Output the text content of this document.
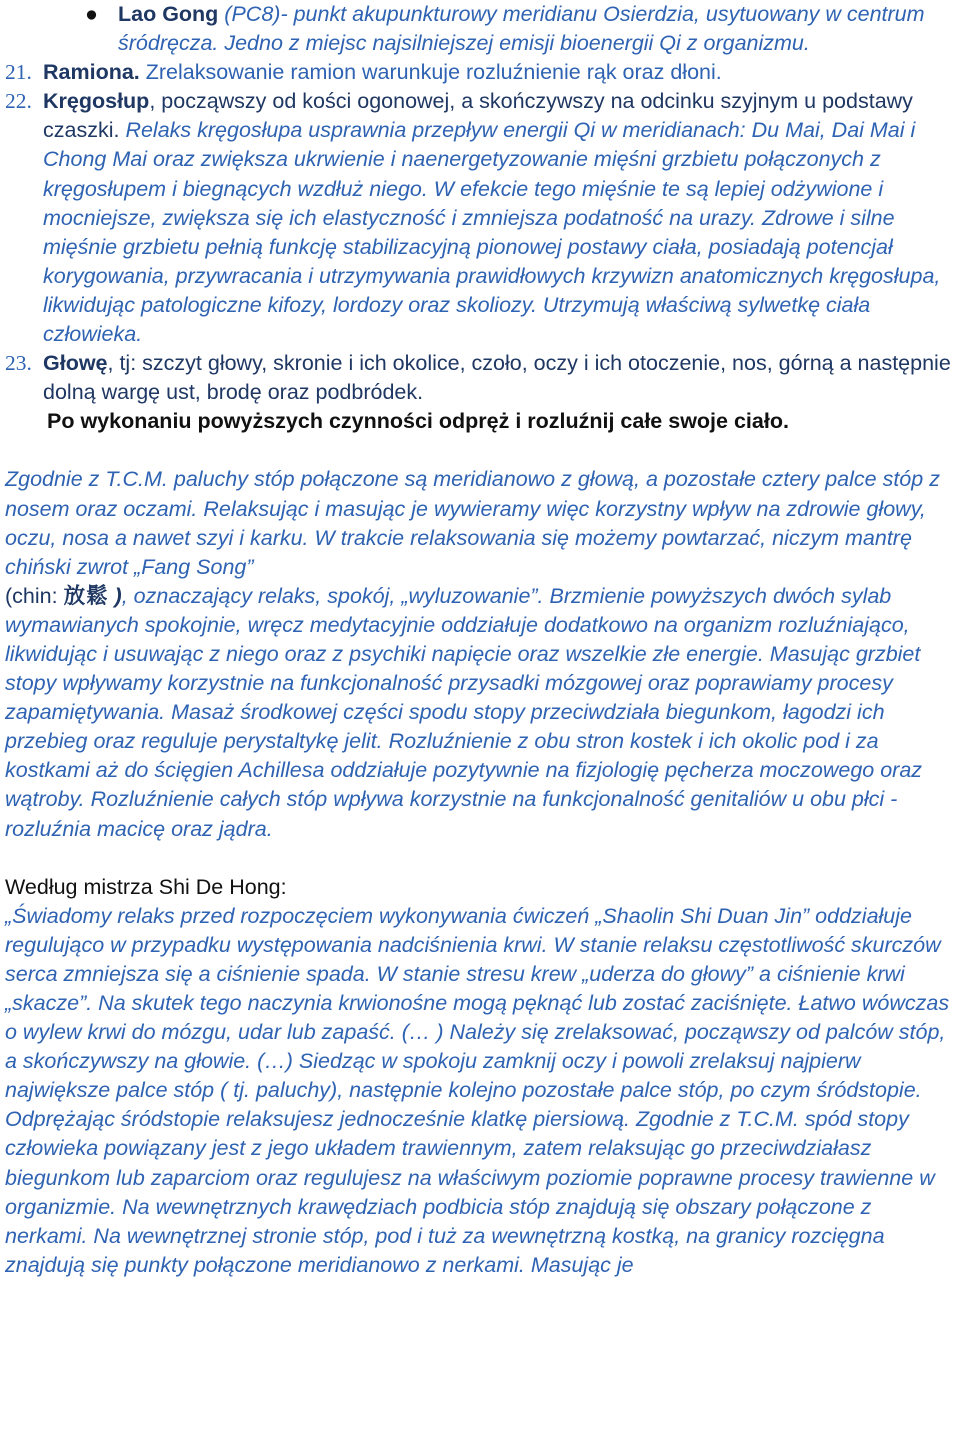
● Lao Gong (PC8)- punkt akupunkturowy meridianu Osierdzia, usytuowany w centrum śródręcza. Jedno z miejsc najsilniejszej emisji bioenergii Qi z organizmu.

21. Ramiona. Zrelaksowanie ramion warunkuje rozluźnienie rąk oraz dłoni.

22. Kręgosłup, począwszy od kości ogonowej, a skończywszy na odcinku szyjnym u podstawy czaszki. Relaks kręgosłupa usprawnia przepływ energii Qi w meridianach: Du Mai, Dai Mai i Chong Mai oraz zwiększa ukrwienie i naenergetyzowanie mięśni grzbietu połączonych z kręgosłupem i biegnących wzdłuż niego. W efekcie tego mięśnie te są lepiej odżywione i mocniejsze, zwiększa się ich elastyczność i zmniejsza podatność na urazy. Zdrowe i silne mięśnie grzbietu pełnią funkcję stabilizacyjną pionowej postawy ciała, posiadają potencjał korygowania, przywracania i utrzymywania prawidłowych krzywizn anatomicznych kręgosłupa, likwidując patologiczne kifozy, lordozy oraz skoliozy. Utrzymują właściwą sylwetkę ciała człowieka.

23. Głowę, tj: szczyt głowy, skronie i ich okolice, czoło, oczy i ich otoczenie, nos, górną a następnie dolną wargę ust, brodę oraz podbródek.

Po wykonaniu powyższych czynności odpręż i rozluźnij całe swoje ciało.

Zgodnie z T.C.M. paluchy stóp połączone są meridianowo z głową, a pozostałe cztery palce stóp z nosem oraz oczami. Relaksując i masując je wywieramy więc korzystny wpływ na zdrowie głowy, oczu, nosa a nawet szyi i karku. W trakcie relaksowania się możemy powtarzać, niczym mantrę chiński zwrot „Fang Song”
(chin: 放鬆 ), oznaczający relaks, spokój, „wyluzowanie”. Brzmienie powyższych dwóch sylab wymawianych spokojnie, wręcz medytacyjnie oddziałuje dodatkowo na organizm rozluźniająco, likwidując i usuwając z niego oraz z psychiki napięcie oraz wszelkie złe energie. Masując grzbiet stopy wpływamy korzystnie na funkcjonalność przysadki mózgowej oraz poprawiamy procesy zapamiętywania. Masaż środkowej części spodu stopy przeciwdziała biegunkom, łagodzi ich przebieg oraz reguluje perystaltykę jelit. Rozluźnienie z obu stron kostek i ich okolic pod i za kostkami aż do ścięgien Achillesa oddziałuje pozytywnie na fizjologię pęcherza moczowego oraz wątroby. Rozluźnienie całych stóp wpływa korzystnie na funkcjonalność genitaliów u obu płci - rozluźnia macicę oraz jądra.

Według mistrza Shi De Hong:

„Świadomy relaks przed rozpoczęciem wykonywania ćwiczeń „Shaolin Shi Duan Jin” oddziałuje regulująco w przypadku występowania nadciśnienia krwi. W stanie relaksu częstotliwość skurczów serca zmniejsza się a ciśnienie spada. W stanie stresu krew „uderza do głowy” a ciśnienie krwi „skacze”. Na skutek tego naczynia krwionośne mogą pęknąć lub zostać zaciśnięte. Łatwo wówczas o wylew krwi do mózgu, udar lub zapaść. (… ) Należy się zrelaksować, począwszy od palców stóp, a skończywszy na głowie. (…) Siedząc w spokoju zamknij oczy i powoli zrelaksuj najpierw największe palce stóp ( tj. paluchy), następnie kolejno pozostałe palce stóp, po czym śródstopie. Odprężając śródstopie relaksujesz jednocześnie klatkę piersiową. Zgodnie z T.C.M. spód stopy człowieka powiązany jest z jego układem trawiennym, zatem relaksując go przeciwdziałasz biegunkom lub zaparciom oraz regulujesz na właściwym poziomie poprawne procesy trawienne w organizmie. Na wewnętrznych krawędziach podbicia stóp znajdują się obszary połączone z nerkami. Na wewnętrznej stronie stóp, pod i tuż za wewnętrzną kostką, na granicy rozcięgna znajdują się punkty połączone meridianowo z nerkami. Masując je
